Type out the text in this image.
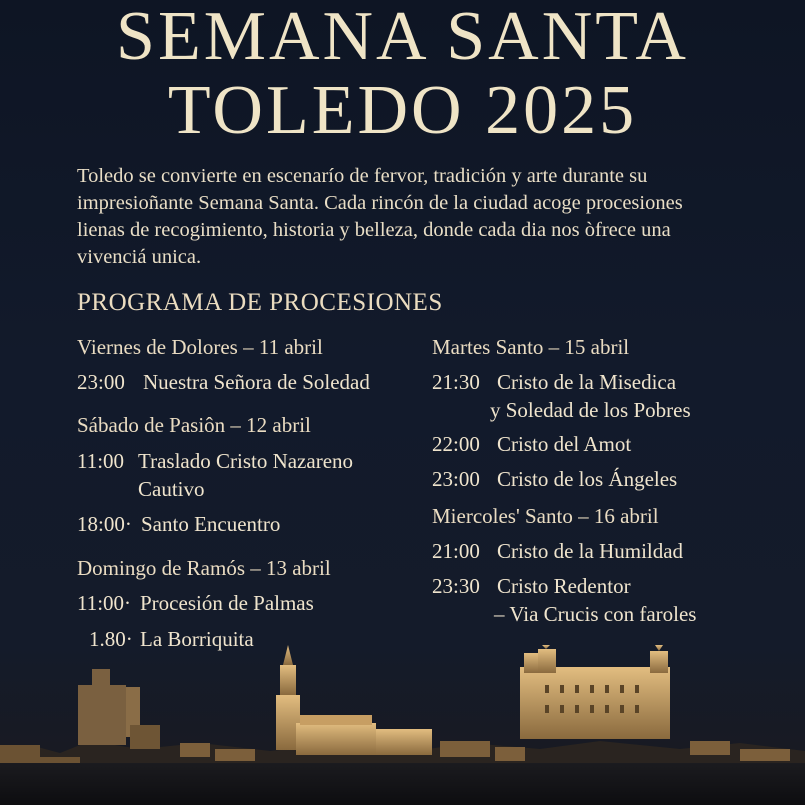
SEMANA SANTA
TOLEDO 2025
Toledo se convierte en escenarío de fervor, tradición y arte durante su
impresioñante Semana Santa. Cada rincón de la ciudad acoge procesiones
lienas de recogimiento, historia y belleza, donde cada dia nos òfrece una
vivenciá unica.
PROGRAMA DE PROCESIONES
Viernes de Dolores – 11 abril
23:00 Nuestra Señora de Soledad
Sábado de Pasiôn – 12 abril
11:00 Traslado Cristo Nazareno
Cautivo
18:00· Santo Encuentro
Domingo de Ramós – 13 abril
11:00· Procesión de Palmas
1.80· La Borriquita
Martes Santo – 15 abril
21:30 Cristo de la Misedica
y Soledad de los Pobres
22:00 Cristo del Amot
23:00 Cristo de los Ángeles
Miercoles' Santo – 16 abril
21:00 Cristo de la Humildad
23:30 Cristo Redentor
– Via Crucis con faroles
